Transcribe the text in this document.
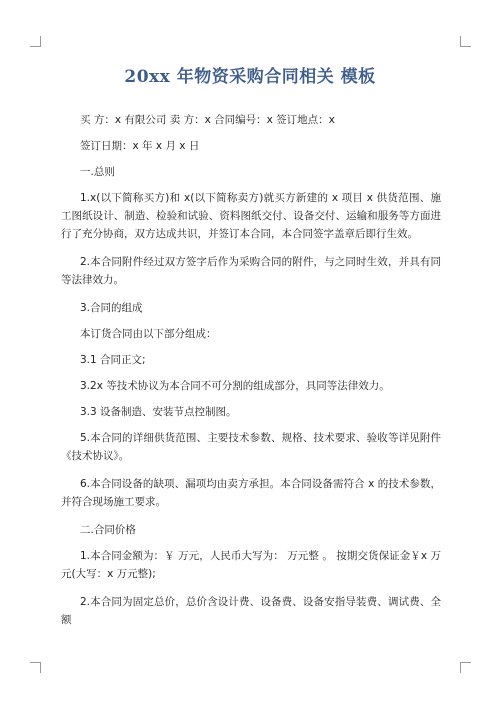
20xx 年物资采购合同相关 模板

买 方：x 有限公司 卖 方：x 合同编号：x 签订地点：x

签订日期：x 年 x 月 x 日

一.总则

1.x(以下简称买方)和 x(以下简称卖方)就买方新建的 x 项目 x 供货范围、施工图纸设计、制造、检验和试验、资料图纸交付、设备交付、运输和服务等方面进行了充分协商，双方达成共识，并签订本合同，本合同签字盖章后即行生效。

2.本合同附件经过双方签字后作为采购合同的附件，与之同时生效，并具有同等法律效力。

3.合同的组成

本订货合同由以下部分组成：

3.1 合同正文;

3.2x 等技术协议为本合同不可分割的组成部分，具同等法律效力。

3.3 设备制造、安装节点控制图。

5.本合同的详细供货范围、主要技术参数、规格、技术要求、验收等详见附件《技术协议》。

6.本合同设备的缺项、漏项均由卖方承担。本合同设备需符合 x 的技术参数，并符合现场施工要求。

二.合同价格

1.本合同金额为：￥ 万元，人民币大写为： 万元整 。 按期交货保证金￥x 万元(大写：x 万元整);

2.本合同为固定总价，总价含设计费、设备费、设备安指导装费、调试费、全额
